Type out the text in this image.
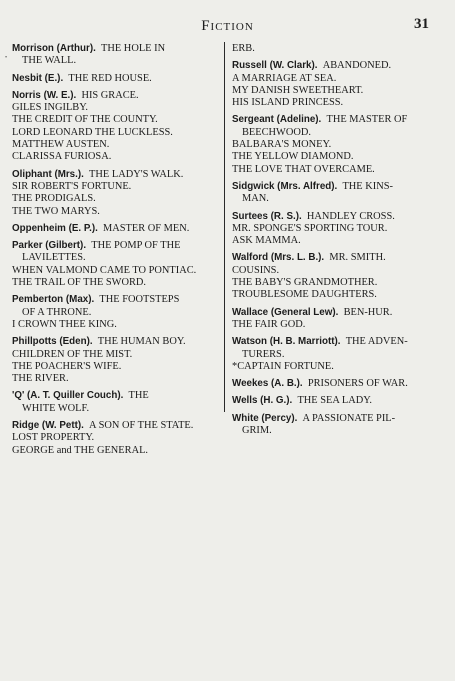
Fiction	31
•
Morrison (Arthur).  THE HOLE IN
THE WALL.
Nesbit (E.).  THE RED HOUSE.
Norris (W. E.).  HIS GRACE.
GILES INGILBY.
THE CREDIT OF THE COUNTY.
LORD LEONARD THE LUCKLESS.
MATTHEW AUSTEN.
CLARISSA FURIOSA.
Oliphant (Mrs.).  THE LADY'S WALK.
SIR ROBERT'S FORTUNE.
THE PRODIGALS.
THE TWO MARYS.
Oppenheim (E. P.).  MASTER OF MEN.
Parker (Gilbert).  THE POMP OF THE
LAVILETTES.
WHEN VALMOND CAME TO PONTIAC.
THE TRAIL OF THE SWORD.
Pemberton (Max).  THE FOOTSTEPS
OF A THRONE.
I CROWN THEE KING.
Phillpotts (Eden).  THE HUMAN BOY.
CHILDREN OF THE MIST.
THE POACHER'S WIFE.
THE RIVER.
'Q' (A. T. Quiller Couch).  THE
WHITE WOLF.
Ridge (W. Pett).  A SON OF THE STATE.
LOST PROPERTY.
GEORGE and THE GENERAL.
ERB.
Russell (W. Clark).  ABANDONED.
A MARRIAGE AT SEA.
MY DANISH SWEETHEART.
HIS ISLAND PRINCESS.
Sergeant (Adeline).  THE MASTER OF
BEECHWOOD.
BALBARA'S MONEY.
THE YELLOW DIAMOND.
THE LOVE THAT OVERCAME.
Sidgwick (Mrs. Alfred).  THE KINS-
MAN.
Surtees (R. S.).  HANDLEY CROSS.
MR. SPONGE'S SPORTING TOUR.
ASK MAMMA.
Walford (Mrs. L. B.).  MR. SMITH.
COUSINS.
THE BABY'S GRANDMOTHER.
TROUBLESOME DAUGHTERS.
Wallace (General Lew).  BEN-HUR.
THE FAIR GOD.
Watson (H. B. Marriott).  THE ADVEN-
TURERS.
*CAPTAIN FORTUNE.
Weekes (A. B.).  PRISONERS OF WAR.
Wells (H. G.).  THE SEA LADY.
White (Percy).  A PASSIONATE PIL-
GRIM.
